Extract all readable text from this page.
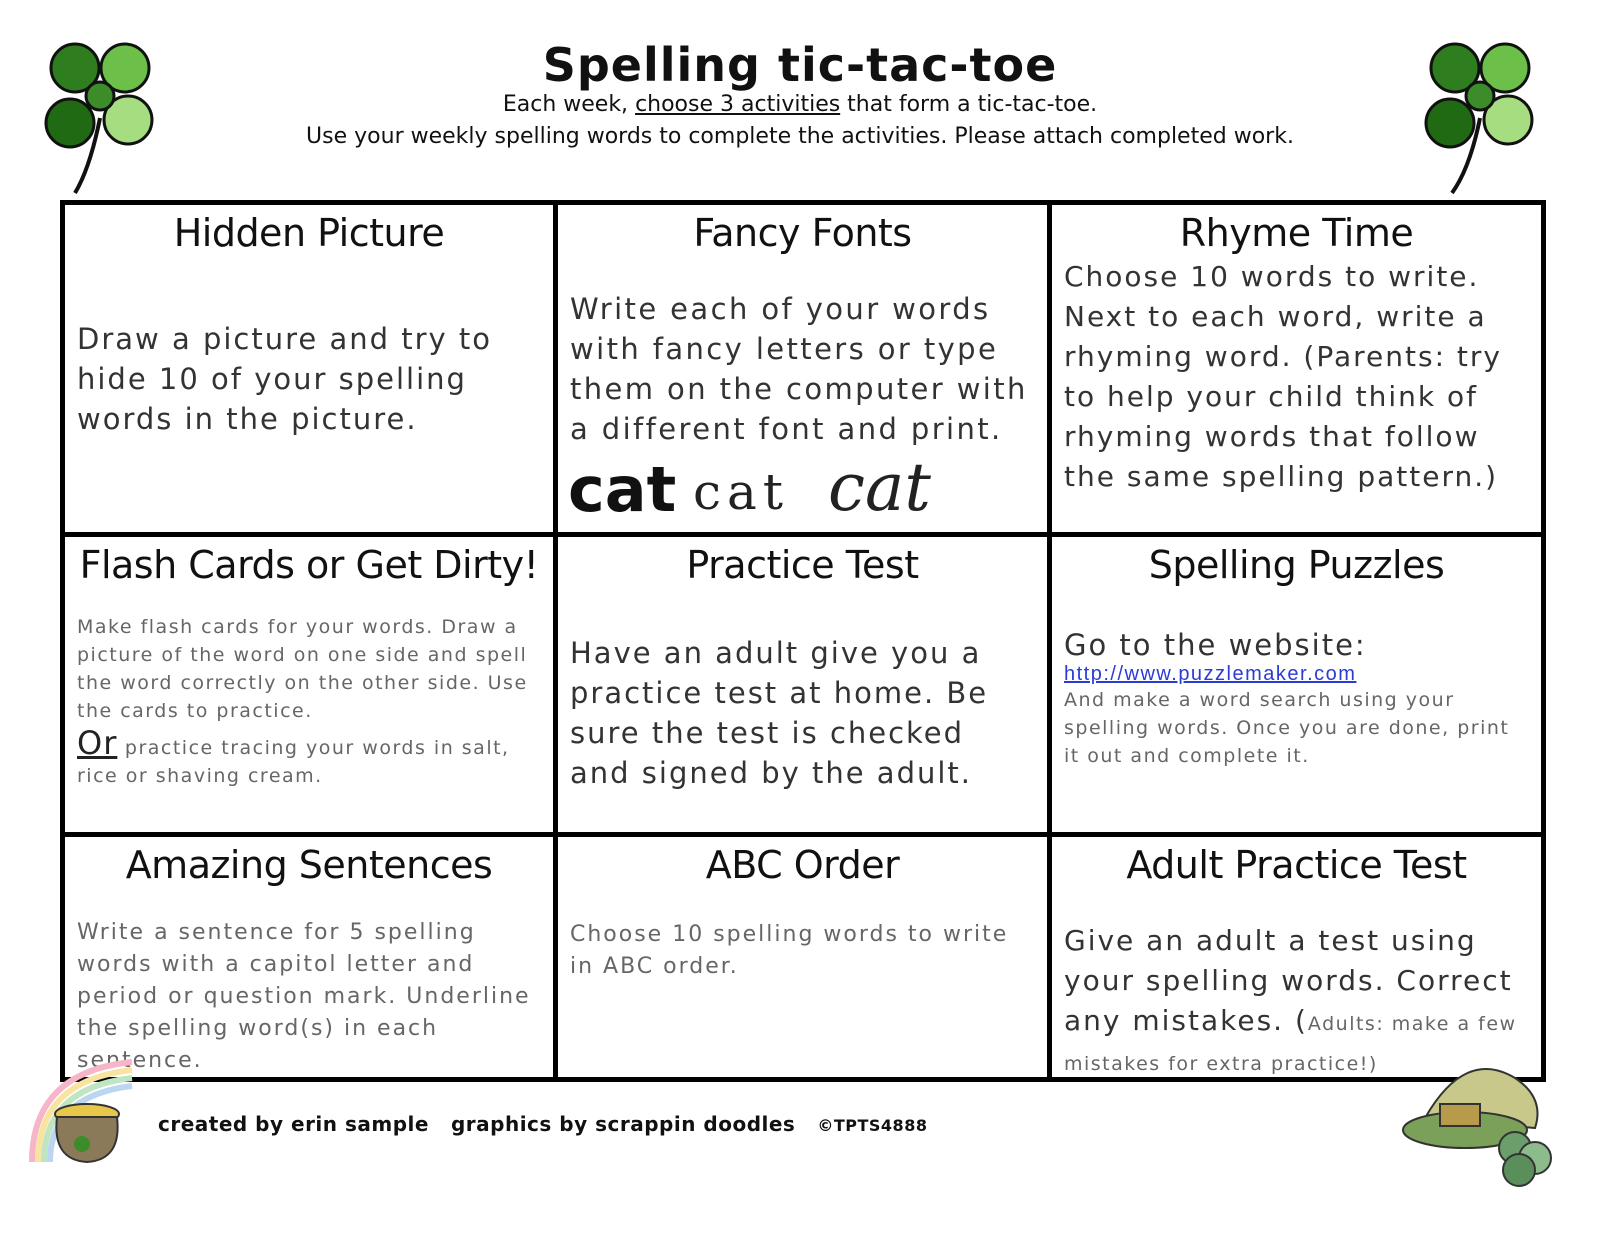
Spelling tic-tac-toe
Each week, choose 3 activities that form a tic-tac-toe.
Use your weekly spelling words to complete the activities. Please attach completed work.
Hidden Picture
Draw a picture and try to hide 10 of your spelling words in the picture.
Fancy Fonts
Write each of your words with fancy letters or type them on the computer with a different font and print.
cat cat cat
Rhyme Time
Choose 10 words to write. Next to each word, write a rhyming word. (Parents: try to help your child think of rhyming words that follow the same spelling pattern.)
Flash Cards or Get Dirty!
Make flash cards for your words. Draw a picture of the word on one side and spell the word correctly on the other side. Use the cards to practice.
Or practice tracing your words in salt, rice or shaving cream.
Practice Test
Have an adult give you a practice test at home. Be sure the test is checked and signed by the adult.
Spelling Puzzles
Go to the website:
http://www.puzzlemaker.com
And make a word search using your spelling words. Once you are done, print it out and complete it.
Amazing Sentences
Write a sentence for 5 spelling words with a capitol letter and period or question mark. Underline the spelling word(s) in each sentence.
ABC Order
Choose 10 spelling words to write in ABC order.
Adult Practice Test
Give an adult a test using your spelling words. Correct any mistakes. (Adults: make a few mistakes for extra practice!)
created by erin sample graphics by scrappin doodles ©TPTS4888
